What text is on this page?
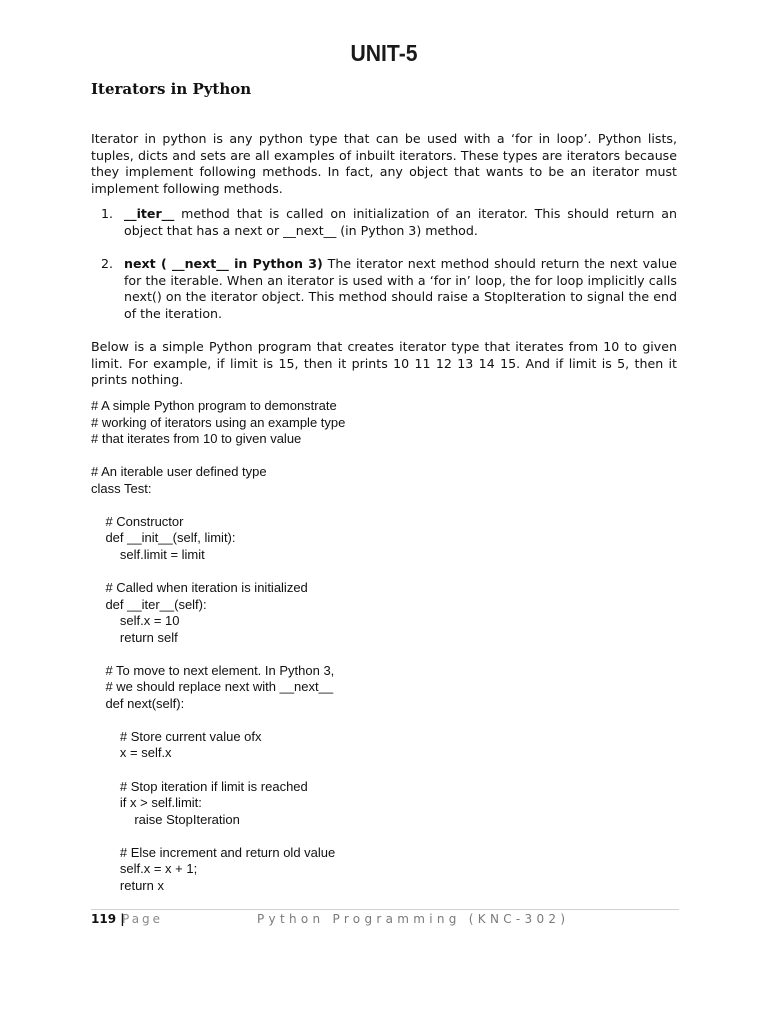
UNIT-5
Iterators in Python

Iterator in python is any python type that can be used with a ‘for in loop’. Python lists, tuples, dicts and sets are all examples of inbuilt iterators. These types are iterators because they implement following methods. In fact, any object that wants to be an iterator must implement following methods.

1. __iter__ method that is called on initialization of an iterator. This should return an object that has a next or __next__ (in Python 3) method.
2. next ( __next__ in Python 3) The iterator next method should return the next value for the iterable. When an iterator is used with a ‘for in’ loop, the for loop implicitly calls next() on the iterator object. This method should raise a StopIteration to signal the end of the iteration.

Below is a simple Python program that creates iterator type that iterates from 10 to given limit. For example, if limit is 15, then it prints 10 11 12 13 14 15. And if limit is 5, then it prints nothing.

# A simple Python program to demonstrate
# working of iterators using an example type
# that iterates from 10 to given value
# An iterable user defined type
class Test:
# Constructor
def __init__(self, limit):
self.limit = limit
# Called when iteration is initialized
def __iter__(self):
self.x = 10
return self
# To move to next element. In Python 3,
# we should replace next with __next__
def next(self):
# Store current value ofx
x = self.x
# Stop iteration if limit is reached
if x > self.limit:
raise StopIteration
# Else increment and return old value
self.x = x + 1;
return x
119 |
Page	Python Programming (KNC-302)
